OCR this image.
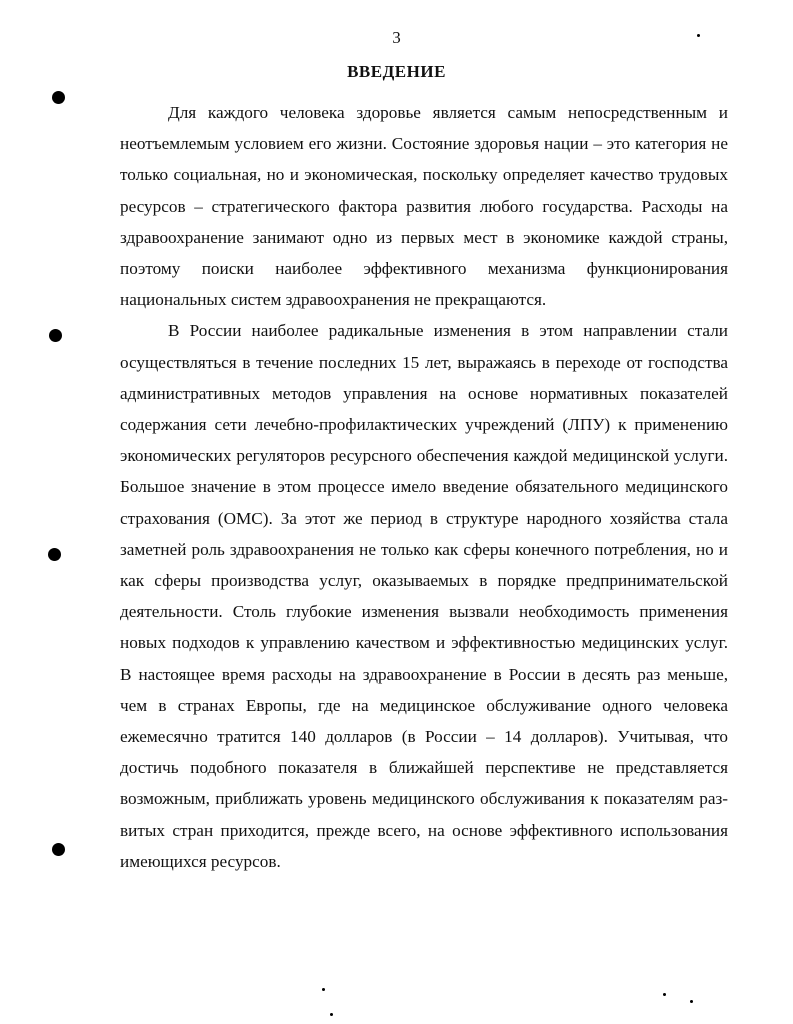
3
ВВЕДЕНИЕ

Для каждого человека здоровье является самым непосредственным и неотъемлемым условием его жизни. Состояние здоровья нации – это категория не только социальная, но и экономическая, поскольку определяет качество трудовых ресурсов – стратегического фактора развития любого государства. Расходы на здравоохранение занимают одно из первых мест в экономике каждой страны, поэтому поиски наиболее эффективного механизма функционирования национальных систем здравоохранения не прекращаются.

В России наиболее радикальные изменения в этом направлении стали осуществляться в течение последних 15 лет, выражаясь в переходе от господства административных методов управления на основе нормативных показателей содержания сети лечебно-профилактических учреждений (ЛПУ) к применению экономических регуляторов ресурсного обеспечения каждой медицинской услуги. Большое значение в этом процессе имело введение обязательного медицинского страхования (ОМС). За этот же период в структуре народного хозяйства стала заметней роль здравоохранения не только как сферы конечного потребления, но и как сферы производства услуг, оказываемых в порядке предпринимательской деятельности. Столь глубокие изменения вызвали необходимость применения новых подходов к управлению качеством и эффективностью медицинских услуг. В настоящее время расходы на здравоохранение в России в десять раз меньше, чем в странах Европы, где на медицинское обслуживание одного человека ежемесячно тратится 140 долларов (в России – 14 долларов). Учитывая, что достичь подобного показателя в ближайшей перспективе не представляется возможным, приближать уровень медицинского обслуживания к показателям развитых стран приходится, прежде всего, на основе эффективного использования имеющихся ресурсов.
